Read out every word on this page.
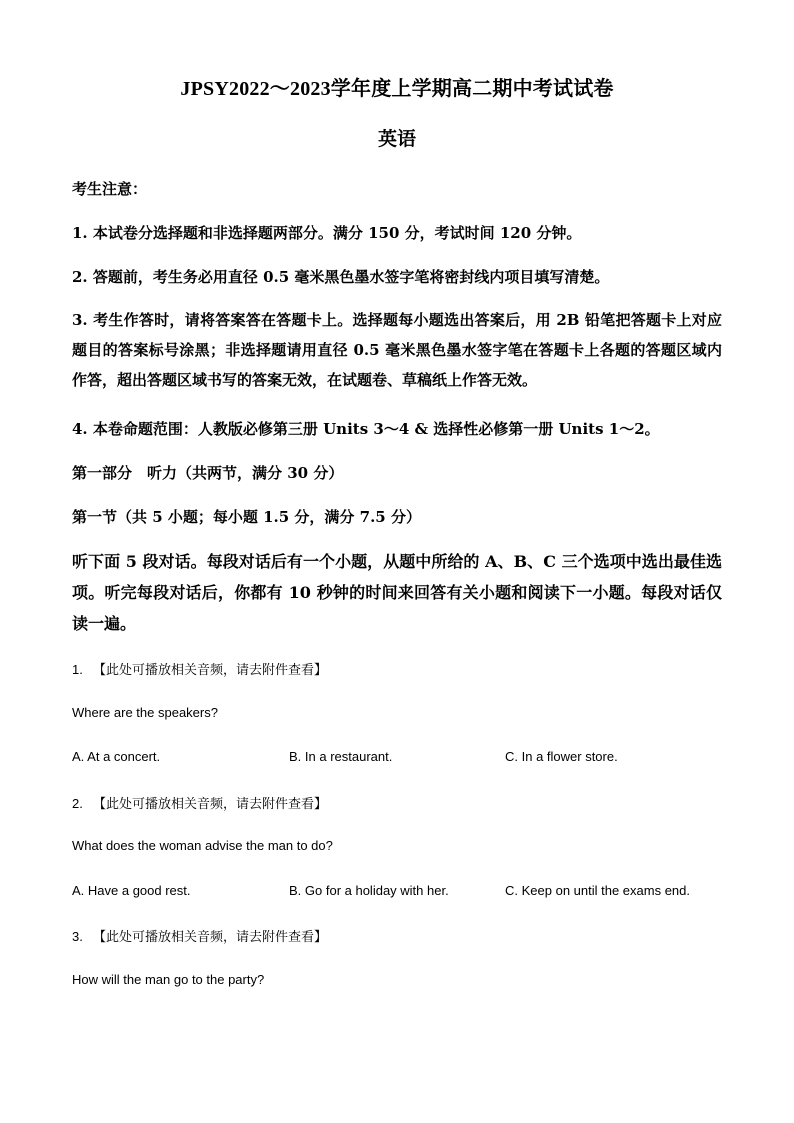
JPSY2022～2023学年度上学期高二期中考试试卷
英语
考生注意：
1. 本试卷分选择题和非选择题两部分。满分 150 分，考试时间 120 分钟。
2. 答题前，考生务必用直径 0.5 毫米黑色墨水签字笔将密封线内项目填写清楚。
3. 考生作答时，请将答案答在答题卡上。选择题每小题选出答案后，用 2B 铅笔把答题卡上对应题目的答案标号涂黑；非选择题请用直径 0.5 毫米黑色墨水签字笔在答题卡上各题的答题区域内作答，超出答题区域书写的答案无效，在试题卷、草稿纸上作答无效。
4. 本卷命题范围：人教版必修第三册 Units 3～4 & 选择性必修第一册 Units 1～2。
第一部分　听力（共两节，满分 30 分）
第一节（共 5 小题；每小题 1.5 分，满分 7.5 分）
听下面 5 段对话。每段对话后有一个小题，从题中所给的 A、B、C 三个选项中选出最佳选项。听完每段对话后，你都有 10 秒钟的时间来回答有关小题和阅读下一小题。每段对话仅读一遍。
1. 【此处可播放相关音频，请去附件查看】
Where are the speakers?
A. At a concert.	B. In a restaurant.	C. In a flower store.
2. 【此处可播放相关音频，请去附件查看】
What does the woman advise the man to do?
A. Have a good rest.	B. Go for a holiday with her.	C. Keep on until the exams end.
3. 【此处可播放相关音频，请去附件查看】
How will the man go to the party?
